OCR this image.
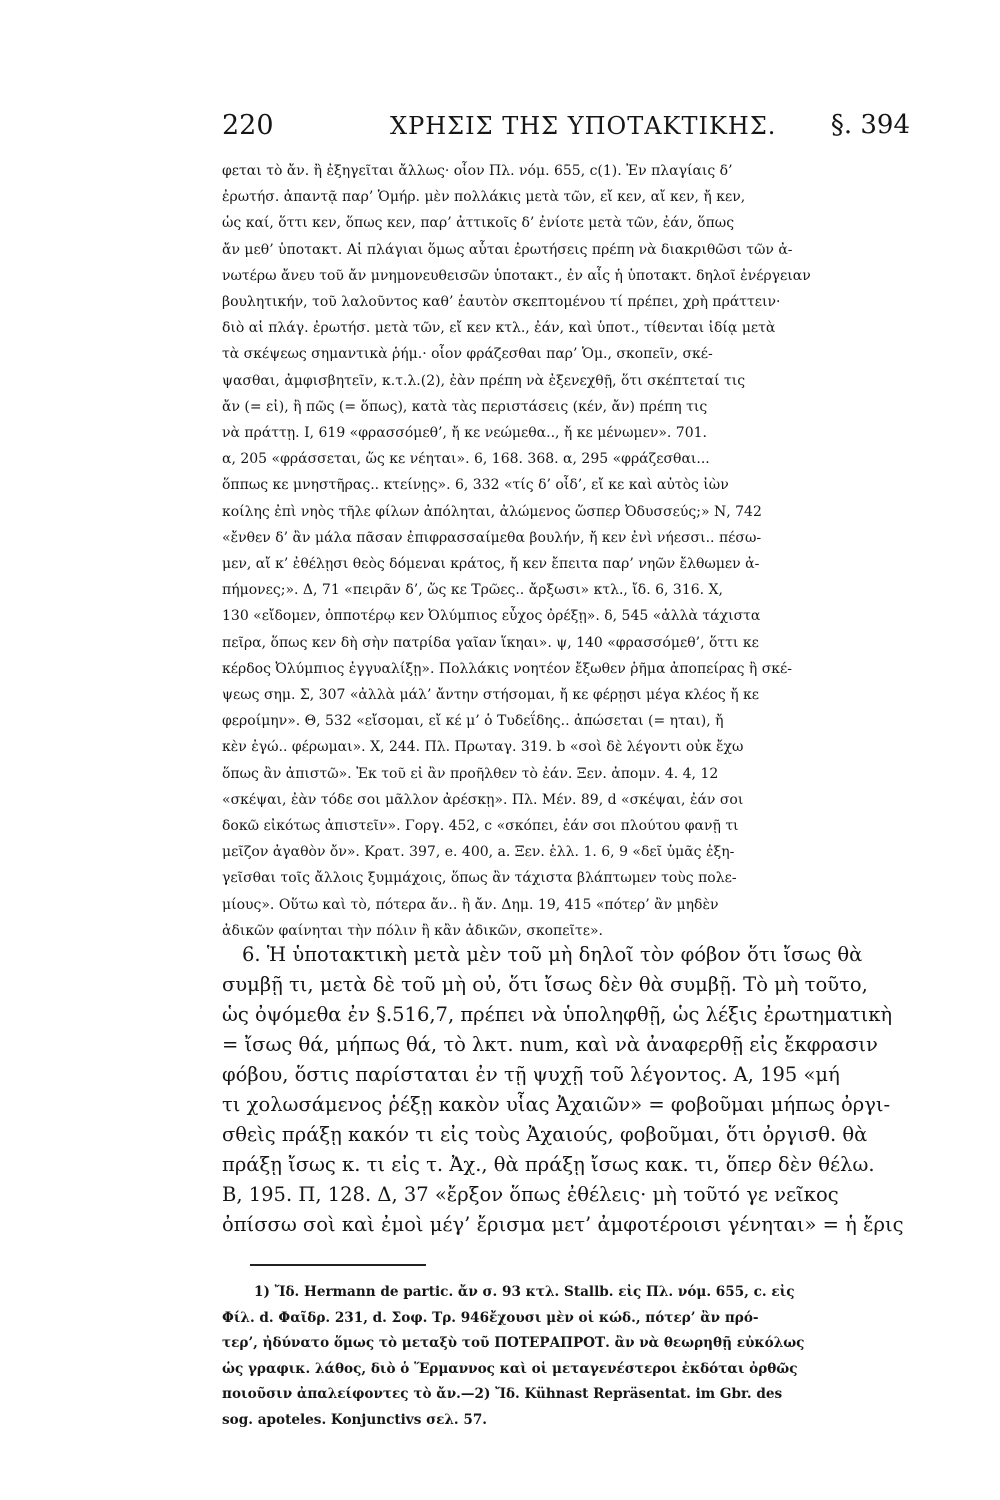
220	ΧΡΗΣΙΣ ΤΗΣ ΥΠΟΤΑΚΤΙΚΗΣ. §. 394
φεται τὸ ἄν. ἢ ἐξηγεῖται ἄλλως· οἷον Πλ. νόμ. 655, c(1). Ἐν πλαγίαις δ’
ἐρωτήσ. ἀπαντᾷ παρ’ Ὁμήρ. μὲν πολλάκις μετὰ τῶν, εἴ κεν, αἴ κεν, ἤ κεν,
ὡς καί, ὅττι κεν, ὅπως κεν, παρ’ ἀττικοῖς δ’ ἐνίοτε μετὰ τῶν, ἐάν, ὅπως
ἄν μεθ’ ὑποτακτ. Αἱ πλάγιαι ὅμως αὗται ἐρωτήσεις πρέπη νὰ διακριθῶσι τῶν ἀ-
νωτέρω ἄνευ τοῦ ἄν μνημονευθεισῶν ὑποτακτ., ἐν αἷς ἡ ὑποτακτ. δηλοῖ ἐνέργειαν
βουλητικήν, τοῦ λαλοῦντος καθ’ ἑαυτὸν σκεπτομένου τί πρέπει, χρὴ πράττειν·
διὸ αἱ πλάγ. ἐρωτήσ. μετὰ τῶν, εἴ κεν κτλ., ἐάν, καὶ ὑποτ., τίθενται ἰδίᾳ μετὰ
τὰ σκέψεως σημαντικὰ ῥήμ.· οἷον φράζεσθαι παρ’ Ὁμ., σκοπεῖν, σκέ-
ψασθαι, ἀμφισβητεῖν, κ.τ.λ.(2), ἐὰν πρέπη νὰ ἐξενεχθῇ, ὅτι σκέπτεταί τις
ἄν (= εἰ), ἢ πῶς (= ὅπως), κατὰ τὰς περιστάσεις (κέν, ἄν) πρέπη τις
νὰ πράττῃ. I, 619 «φρασσόμεθ’, ἤ κε νεώμεθα.., ἤ κε μένωμεν». 701.
α, 205 «φράσσεται, ὥς κε νέηται». 6, 168. 368. α, 295 «φράζεσθαι...
ὅππως κε μνηστῆρας.. κτείνῃς». 6, 332 «τίς δ’ οἶδ’, εἴ κε καὶ αὐτὸς ἰὼν
κοίλης ἐπὶ νηὸς τῆλε φίλων ἀπόληται, ἀλώμενος ὥσπερ Ὀδυσσεύς;» Ν, 742
«ἔνθεν δ’ ἂν μάλα πᾶσαν ἐπιφρασσαίμεθα βουλήν, ἤ κεν ἐνὶ νήεσσι.. πέσω-
μεν, αἴ κ’ ἐθέλῃσι θεὸς δόμεναι κράτος, ἤ κεν ἔπειτα παρ’ νηῶν ἔλθωμεν ἀ-
πήμονες;». Δ, 71 «πειρᾶν δ’, ὥς κε Τρῶες.. ἄρξωσι» κτλ., ἴδ. 6, 316. Χ,
130 «εἴδομεν, ὁπποτέρῳ κεν Ὀλύμπιος εὖχος ὀρέξῃ». δ, 545 «ἀλλὰ τάχιστα
πεῖρα, ὅπως κεν δὴ σὴν πατρίδα γαῖαν ἵκηαι». ψ, 140 «φρασσόμεθ’, ὅττι κε
κέρδος Ὀλύμπιος ἐγγυαλίξῃ». Πολλάκις νοητέον ἔξωθεν ῥῆμα ἀποπείρας ἢ σκέ-
ψεως σημ. Σ, 307 «ἀλλὰ μάλ’ ἄντην στήσομαι, ἤ κε φέρῃσι μέγα κλέος ἤ κε
φεροίμην». Θ, 532 «εἴσομαι, εἴ κέ μ’ ὁ Τυδεΐδης.. ἀπώσεται (= ηται), ἤ
κὲν ἐγώ.. φέρωμαι». Χ, 244. Πλ. Πρωταγ. 319. b «σοὶ δὲ λέγοντι οὐκ ἔχω
ὅπως ἂν ἀπιστῶ». Ἐκ τοῦ εἰ ἂν προῆλθεν τὸ ἐάν. Ξεν. ἀπομν. 4. 4, 12
«σκέψαι, ἐὰν τόδε σοι μᾶλλον ἀρέσκῃ». Πλ. Μέν. 89, d «σκέψαι, ἐάν σοι
δοκῶ εἰκότως ἀπιστεῖν». Γοργ. 452, c «σκόπει, ἐάν σοι πλούτου φανῇ τι
μεῖζον ἀγαθὸν ὄν». Κρατ. 397, e. 400, a. Ξεν. ἑλλ. 1. 6, 9 «δεῖ ὑμᾶς ἐξη-
γεῖσθαι τοῖς ἄλλοις ξυμμάχοις, ὅπως ἂν τάχιστα βλάπτωμεν τοὺς πολε-
μίους». Οὕτω καὶ τὸ, πότερα ἄν.. ἢ ἄν. Δημ. 19, 415 «πότερ’ ἂν μηδὲν
ἀδικῶν φαίνηται τὴν πόλιν ἢ κἂν ἀδικῶν, σκοπεῖτε».
6. Ἡ ὑποτακτικὴ μετὰ μὲν τοῦ μὴ δηλοῖ τὸν φόβον ὅτι ἴσως θὰ
συμβῇ τι, μετὰ δὲ τοῦ μὴ οὐ, ὅτι ἴσως δὲν θὰ συμβῇ. Τὸ μὴ τοῦτο,
ὡς ὀψόμεθα ἐν §.516,7, πρέπει νὰ ὑποληφθῇ, ὡς λέξις ἐρωτηματικὴ
= ἴσως θά, μήπως θά, τὸ λκτ. num, καὶ νὰ ἀναφερθῇ εἰς ἔκφρασιν
φόβου, ὅστις παρίσταται ἐν τῇ ψυχῇ τοῦ λέγοντος. Α, 195 «μή
τι χολωσάμενος ῥέξῃ κακὸν υἷας Ἀχαιῶν» = φοβοῦμαι μήπως ὀργι-
σθεὶς πράξῃ κακόν τι εἰς τοὺς Ἀχαιούς, φοβοῦμαι, ὅτι ὀργισθ. θὰ
πράξῃ ἴσως κ. τι εἰς τ. Ἀχ., θὰ πράξῃ ἴσως κακ. τι, ὅπερ δὲν θέλω.
Β, 195. Π, 128. Δ, 37 «ἔρξον ὅπως ἐθέλεις· μὴ τοῦτό γε νεῖκος
ὀπίσσω σοὶ καὶ ἐμοὶ μέγ’ ἔρισμα μετ’ ἀμφοτέροισι γένηται» = ἡ ἔρις
1) Ἴδ. Hermann de partic. ἄν σ. 93 κτλ. Stallb. εἰς Πλ. νόμ. 655, c. εἰς
Φίλ. d. Φαῖδρ. 231, d. Σοφ. Τρ. 946ἔχουσι μὲν οἱ κώδ., πότερ’ ἂν πρό-
τερ’, ἠδύνατο ὅμως τὸ μεταξὺ τοῦ ΠΟΤΕΡΑΠΡΟΤ. ἂν νὰ θεωρηθῇ εὐκόλως
ὡς γραφικ. λάθος, διὸ ὁ Ἕρμαννος καὶ οἱ μεταγενέστεροι ἐκδόται ὀρθῶς
ποιοῦσιν ἀπαλείφοντες τὸ ἄν.—2) Ἴδ. Kühnast Repräsentat. im Gbr. des
sog. apoteles. Konjunctivs σελ. 57.
